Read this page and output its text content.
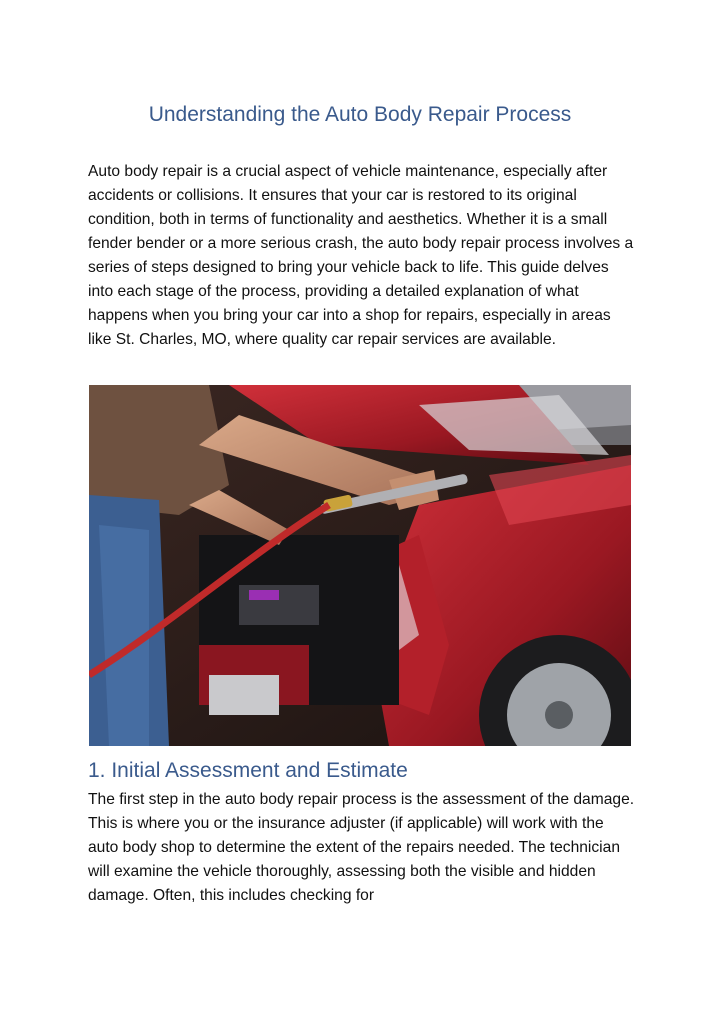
Understanding the Auto Body Repair Process

Auto body repair is a crucial aspect of vehicle maintenance, especially after accidents or collisions. It ensures that your car is restored to its original condition, both in terms of functionality and aesthetics. Whether it is a small fender bender or a more serious crash, the auto body repair process involves a series of steps designed to bring your vehicle back to life. This guide delves into each stage of the process, providing a detailed explanation of what happens when you bring your car into a shop for repairs, especially in areas like St. Charles, MO, where quality car repair services are available.

1. Initial Assessment and Estimate

The first step in the auto body repair process is the assessment of the damage. This is where you or the insurance adjuster (if applicable) will work with the auto body shop to determine the extent of the repairs needed. The technician will examine the vehicle thoroughly, assessing both the visible and hidden damage. Often, this includes checking for
